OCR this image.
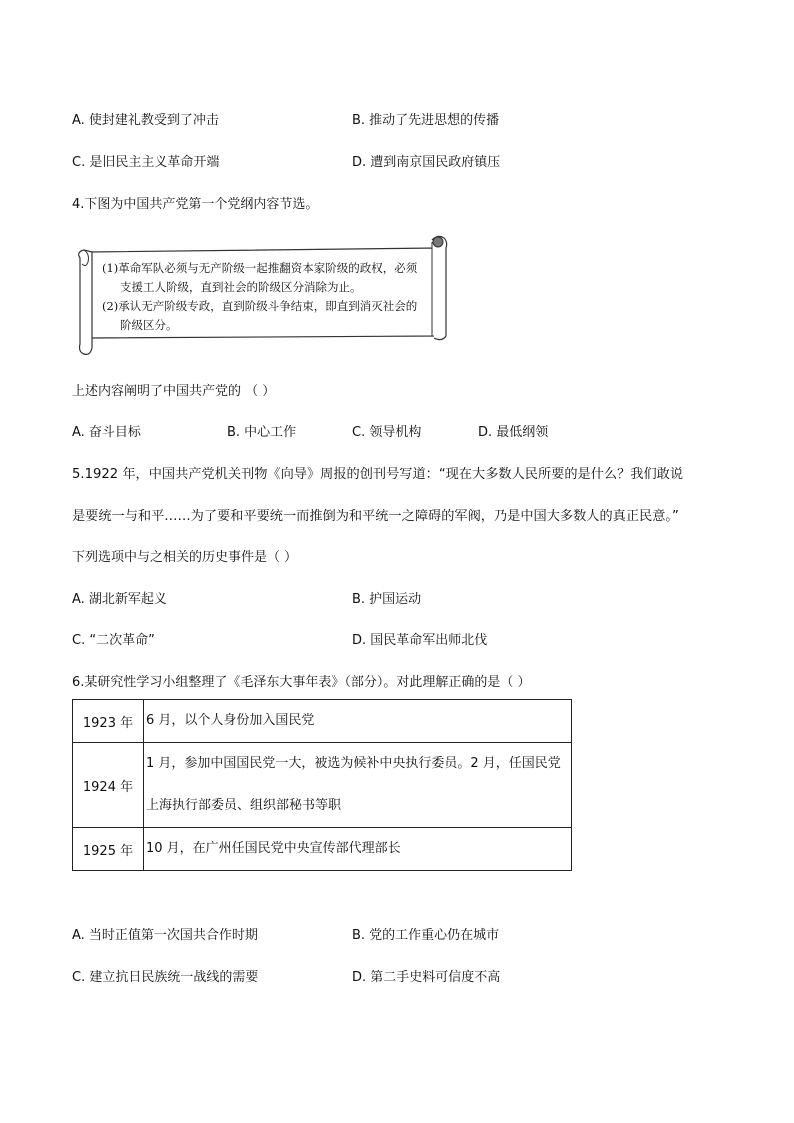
A. 使封建礼教受到了冲击	B. 推动了先进思想的传播
C. 是旧民主主义革命开端	D. 遭到南京国民政府镇压
4.下图为中国共产党第一个党纲内容节选。
(1)革命军队必须与无产阶级一起推翻资本家阶级的政权，必须
支援工人阶级，直到社会的阶级区分消除为止。
(2)承认无产阶级专政，直到阶级斗争结束，即直到消灭社会的
阶级区分。
上述内容阐明了中国共产党的 （ ）
A. 奋斗目标	B. 中心工作	C. 领导机构	D. 最低纲领
5.1922 年，中国共产党机关刊物《向导》周报的创刊号写道：“现在大多数人民所要的是什么？我们敢说
是要统一与和平……为了要和平要统一而推倒为和平统一之障碍的军阀，乃是中国大多数人的真正民意。”
下列选项中与之相关的历史事件是（ ）
A. 湖北新军起义	B. 护国运动
C. “二次革命”	D. 国民革命军出师北伐
6.某研究性学习小组整理了《毛泽东大事年表》（部分）。对此理解正确的是（ ）
1923 年	6 月，以个人身份加入国民党
1924 年	1 月，参加中国国民党一大，被选为候补中央执行委员。2 月，任国民党上海执行部委员、组织部秘书等职
1925 年	10 月，在广州任国民党中央宣传部代理部长
A. 当时正值第一次国共合作时期	B. 党的工作重心仍在城市
C. 建立抗日民族统一战线的需要	D. 第二手史料可信度不高
